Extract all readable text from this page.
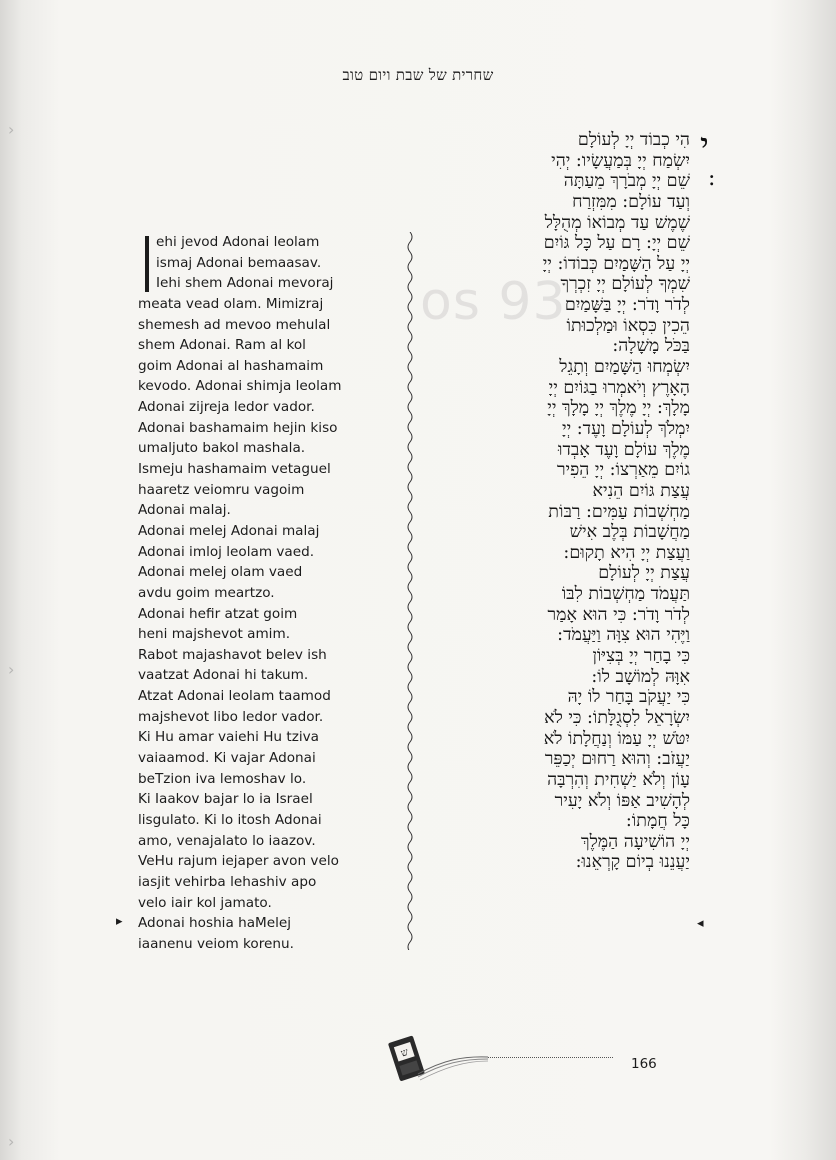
os 93
שחרית של שבת ויום טוב
י
:
הִי כְבוֹד יְיָ לְעוֹלָם
יִשְׂמַח יְיָ בְּמַעֲשָׂיו: יְהִי
שֵׁם יְיָ מְבֹרָךְ מֵעַתָּה
וְעַד עוֹלָם: מִמִּזְרַח
שֶׁמֶשׁ עַד מְבוֹאוֹ מְהֻלָּל
שֵׁם יְיָ: רָם עַל כָּל גּוֹיִם
יְיָ עַל הַשָּׁמַיִם כְּבוֹדוֹ: יְיָ
שִׁמְךָ לְעוֹלָם יְיָ זִכְרְךָ
לְדֹר וָדֹר: יְיָ בַּשָּׁמַיִם
הֵכִין כִּסְאוֹ וּמַלְכוּתוֹ
בַּכֹּל מָשָׁלָה:
יִשְׂמְחוּ הַשָּׁמַיִם וְתָגֵל
הָאָרֶץ וְיֹאמְרוּ בַגּוֹיִם יְיָ
מָלָךְ: יְיָ מֶלֶךְ יְיָ מָלָךְ יְיָ
יִמְלֹךְ לְעוֹלָם וָעֶד: יְיָ
מֶלֶךְ עוֹלָם וָעֶד אָבְדוּ
גוֹיִם מֵאַרְצוֹ: יְיָ הֵפִיר
עֲצַת גּוֹיִם הֵנִיא
מַחְשְׁבוֹת עַמִּים: רַבּוֹת
מַחֲשָׁבוֹת בְּלֶב אִישׁ
וַעֲצַת יְיָ הִיא תָקוּם:
עֲצַת יְיָ לְעוֹלָם
תַּעֲמֹד מַחְשְׁבוֹת לִבּוֹ
לְדֹר וָדֹר: כִּי הוּא אָמַר
וַיֶּהִי הוּא צִוָּה וַיַּעֲמֹד:
כִּי בָחַר יְיָ בְּצִיּוֹן
אִוָּהּ לְמוֹשָׁב לוֹ:
כִּי יַעֲקֹב בָּחַר לוֹ יָהּ
יִשְׂרָאֵל לִסְגֻלָּתוֹ: כִּי לֹא
יִטֹּשׁ יְיָ עַמּוֹ וְנַחֲלָתוֹ לֹא
יַעֲזֹב: וְהוּא רַחוּם יְכַפֵּר
עָוֹן וְלֹא יַשְׁחִית וְהִרְבָּה
לְהָשִׁיב אַפּוֹ וְלֹא יָעִיר
כָּל חֲמָתוֹ:
יְיָ הוֹשִׁיעָה הַמֶּלֶךְ
יַעֲנֵנוּ בְיוֹם קָרְאֵנוּ:
ehi jevod Adonai leolam
ismaj Adonai bemaasav.
Iehi shem Adonai mevoraj
meata vead olam. Mimizraj
shemesh ad mevoo mehulal
shem Adonai. Ram al kol
goim Adonai al hashamaim
kevodo. Adonai shimja leolam
Adonai zijreja ledor vador.
Adonai bashamaim hejin kiso
umaljuto bakol mashala.
Ismeju hashamaim vetaguel
haaretz veiomru vagoim
Adonai malaj.
Adonai melej Adonai malaj
Adonai imloj leolam vaed.
Adonai melej olam vaed
avdu goim meartzo.
Adonai hefir atzat goim
heni majshevot amim.
Rabot majashavot belev ish
vaatzat Adonai hi takum.
Atzat Adonai leolam taamod
majshevot libo ledor vador.
Ki Hu amar vaiehi Hu tziva
vaiaamod. Ki vajar Adonai
beTzion iva lemoshav lo.
Ki Iaakov bajar lo ia Israel
lisgulato. Ki lo itosh Adonai
amo, venajalato lo iaazov.
VeHu rajum iejaper avon velo
iasjit vehirba lehashiv apo
velo iair kol jamato.
Adonai hoshia haMelej
iaanenu veiom korenu.
▸	◂
ש
166
›
›
›
